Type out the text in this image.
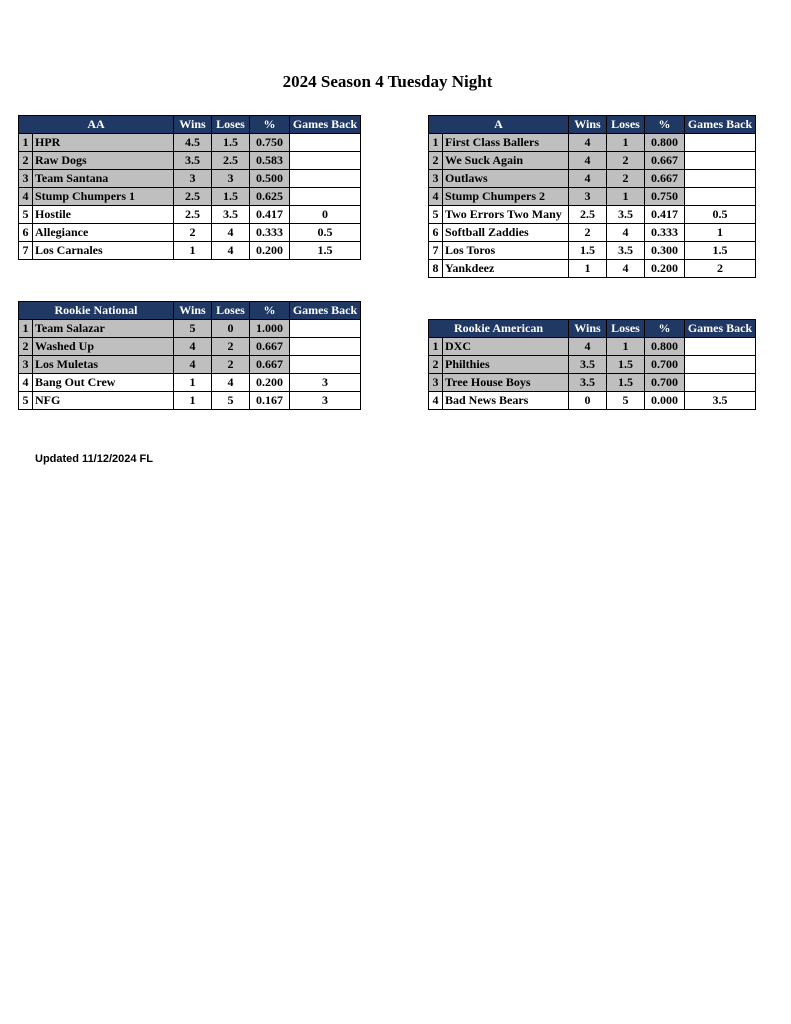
2024 Season 4 Tuesday Night
AA		Wins	Loses	%	Games Back
1	HPR	4.5	1.5	0.750	
2	Raw Dogs	3.5	2.5	0.583	
3	Team Santana	3	3	0.500	
4	Stump Chumpers 1	2.5	1.5	0.625	
5	Hostile	2.5	3.5	0.417	0
6	Allegiance	2	4	0.333	0.5
7	Los Carnales	1	4	0.200	1.5
A		Wins	Loses	%	Games Back
1	First Class Ballers	4	1	0.800	
2	We Suck Again	4	2	0.667	
3	Outlaws	4	2	0.667	
4	Stump Chumpers 2	3	1	0.750	
5	Two Errors Two Many	2.5	3.5	0.417	0.5
6	Softball Zaddies	2	4	0.333	1
7	Los Toros	1.5	3.5	0.300	1.5
8	Yankdeez	1	4	0.200	2
Rookie National		Wins	Loses	%	Games Back
1	Team Salazar	5	0	1.000	
2	Washed Up	4	2	0.667	
3	Los Muletas	4	2	0.667	
4	Bang Out Crew	1	4	0.200	3
5	NFG	1	5	0.167	3
Rookie American		Wins	Loses	%	Games Back
1	DXC	4	1	0.800	
2	Philthies	3.5	1.5	0.700	
3	Tree House Boys	3.5	1.5	0.700	
4	Bad News Bears	0	5	0.000	3.5
Updated 11/12/2024 FL
